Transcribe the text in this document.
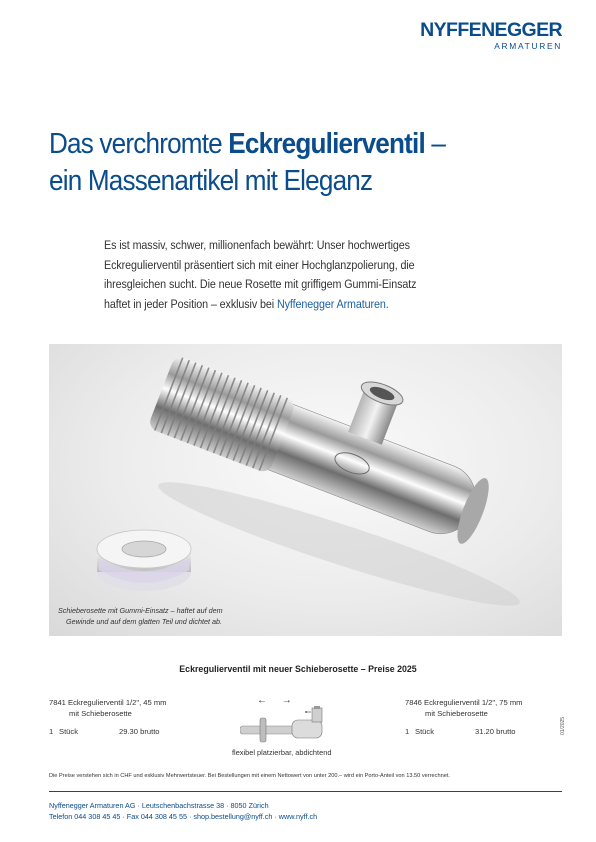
NYFFENEGGER
ARMATUREN
Das verchromte Eckregulierventil –
ein Massenartikel mit Eleganz
Es ist massiv, schwer, millionenfach bewährt: Unser hochwertiges
Eckregulierventil präsentiert sich mit einer Hochglanzpolierung, die
ihresgleichen sucht. Die neue Rosette mit griffigem Gummi-Einsatz
haftet in jeder Position – exklusiv bei Nyffenegger Armaturen.
Schieberosette mit Gummi-Einsatz – haftet auf dem
Gewinde und auf dem glatten Teil und dichtet ab.
Eckregulierventil mit neuer Schieberosette – Preise 2025
7841 Eckregulierventil 1/2", 45 mm
mit Schieberosette
1 Stück	29.30 brutto
7846 Eckregulierventil 1/2", 75 mm
mit Schieberosette
1 Stück	31.20 brutto
← →
flexibel platzierbar, abdichtend
01/2025
Die Preise verstehen sich in CHF und exklusiv Mehrwertsteuer. Bei Bestellungen mit einem Nettowert von unter 200.– wird ein Porto-Anteil von 13.50 verrechnet.
Nyffenegger Armaturen AG · Leutschenbachstrasse 38 · 8050 Zürich
Telefon 044 308 45 45 · Fax 044 308 45 55 · shop.bestellung@nyff.ch · www.nyff.ch
